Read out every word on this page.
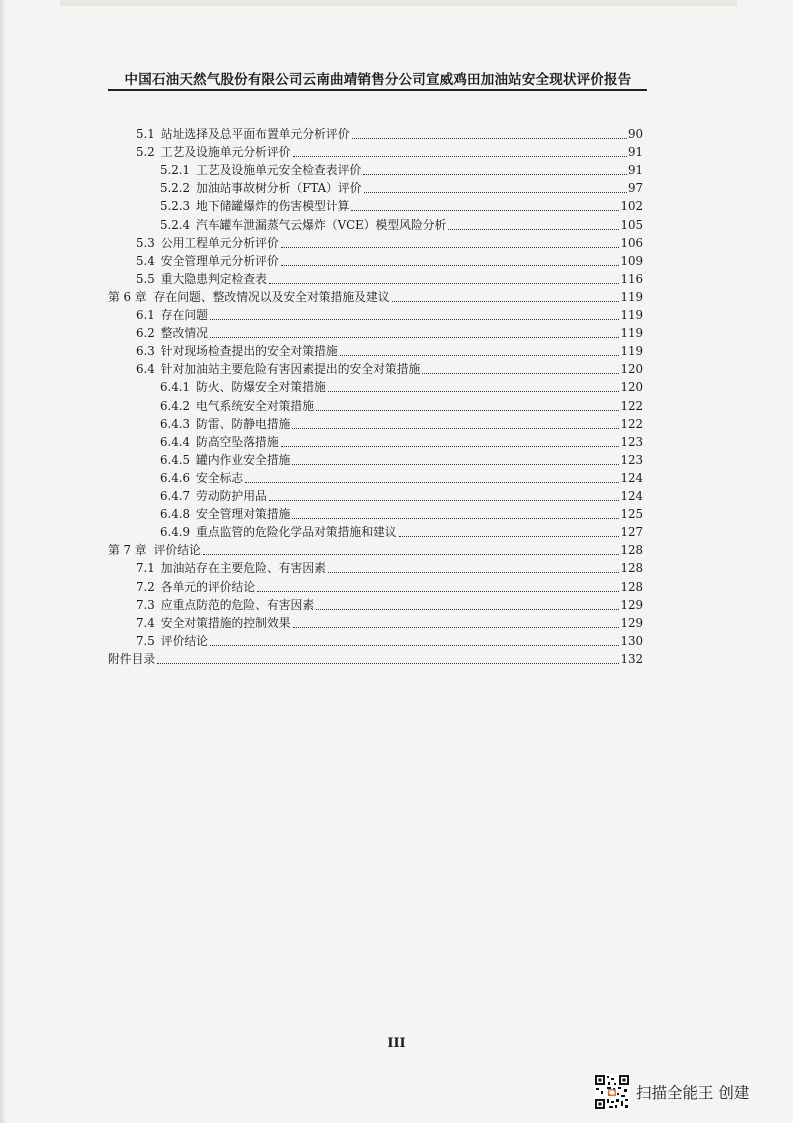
中国石油天然气股份有限公司云南曲靖销售分公司宣威鸡田加油站安全现状评价报告
5.1 站址选择及总平面布置单元分析评价	90
5.2 工艺及设施单元分析评价	91
5.2.1 工艺及设施单元安全检查表评价	91
5.2.2 加油站事故树分析（FTA）评价	97
5.2.3 地下储罐爆炸的伤害模型计算	102
5.2.4 汽车罐车泄漏蒸气云爆炸（VCE）模型风险分析	105
5.3 公用工程单元分析评价	106
5.4 安全管理单元分析评价	109
5.5 重大隐患判定检查表	116
第 6 章 存在问题、整改情况以及安全对策措施及建议	119
6.1 存在问题	119
6.2 整改情况	119
6.3 针对现场检查提出的安全对策措施	119
6.4 针对加油站主要危险有害因素提出的安全对策措施	120
6.4.1 防火、防爆安全对策措施	120
6.4.2 电气系统安全对策措施	122
6.4.3 防雷、防静电措施	122
6.4.4 防高空坠落措施	123
6.4.5 罐内作业安全措施	123
6.4.6 安全标志	124
6.4.7 劳动防护用品	124
6.4.8 安全管理对策措施	125
6.4.9 重点监管的危险化学品对策措施和建议	127
第 7 章 评价结论	128
7.1 加油站存在主要危险、有害因素	128
7.2 各单元的评价结论	128
7.3 应重点防范的危险、有害因素	129
7.4 安全对策措施的控制效果	129
7.5 评价结论	130
附件目录	132
III
扫描全能王 创建
